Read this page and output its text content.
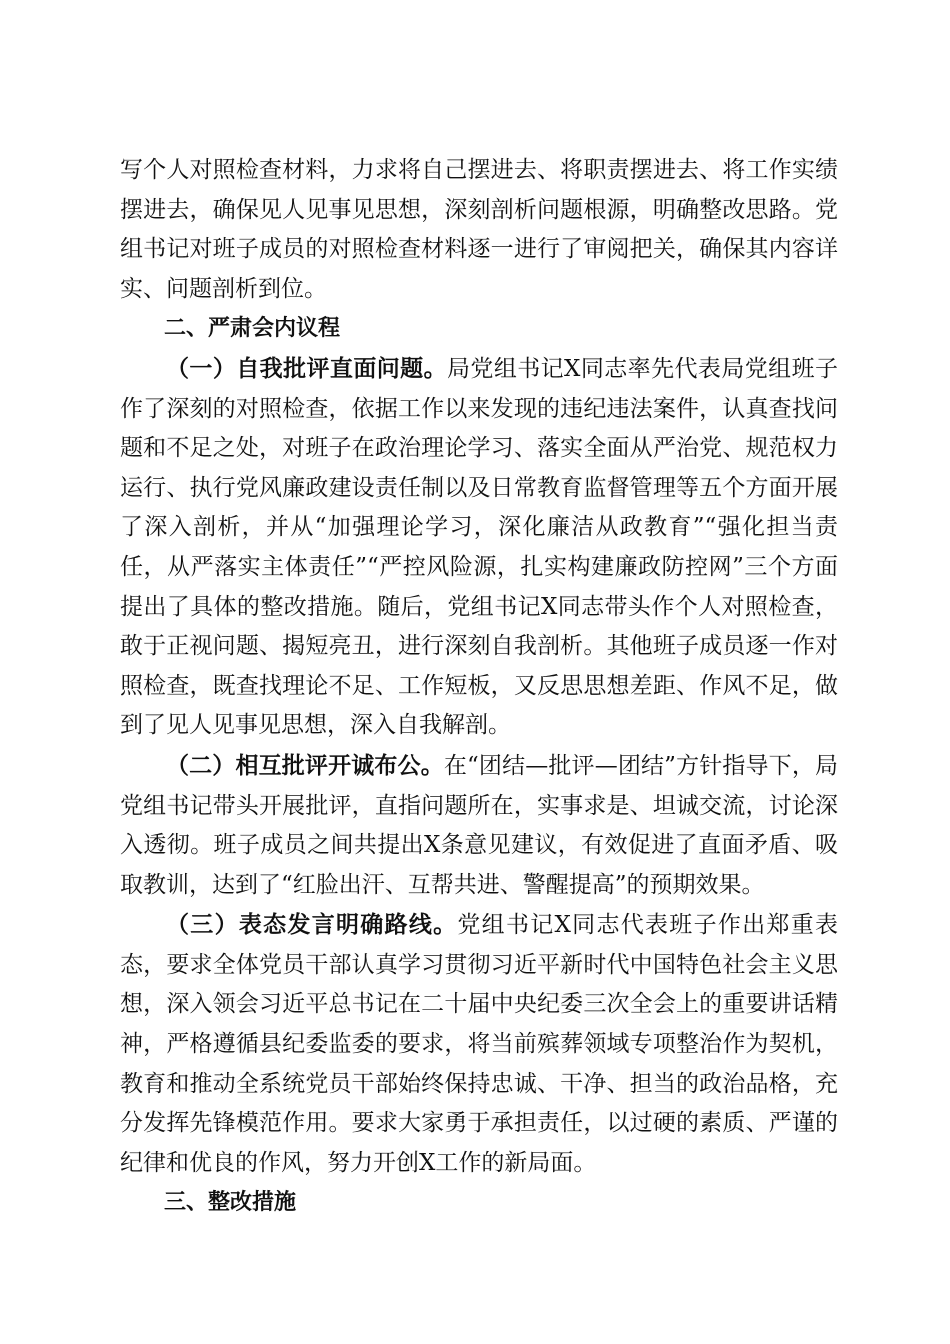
写个人对照检查材料，力求将自己摆进去、将职责摆进去、将工作实绩摆进去，确保见人见事见思想，深刻剖析问题根源，明确整改思路。党组书记对班子成员的对照检查材料逐一进行了审阅把关，确保其内容详实、问题剖析到位。

二、严肃会内议程

（一）自我批评直面问题。局党组书记X同志率先代表局党组班子作了深刻的对照检查，依据工作以来发现的违纪违法案件，认真查找问题和不足之处，对班子在政治理论学习、落实全面从严治党、规范权力运行、执行党风廉政建设责任制以及日常教育监督管理等五个方面开展了深入剖析，并从“加强理论学习，深化廉洁从政教育”“强化担当责任，从严落实主体责任”“严控风险源，扎实构建廉政防控网”三个方面提出了具体的整改措施。随后，党组书记X同志带头作个人对照检查，敢于正视问题、揭短亮丑，进行深刻自我剖析。其他班子成员逐一作对照检查，既查找理论不足、工作短板，又反思思想差距、作风不足，做到了见人见事见思想，深入自我解剖。

（二）相互批评开诚布公。在“团结—批评—团结”方针指导下，局党组书记带头开展批评，直指问题所在，实事求是、坦诚交流，讨论深入透彻。班子成员之间共提出X条意见建议，有效促进了直面矛盾、吸取教训，达到了“红脸出汗、互帮共进、警醒提高”的预期效果。

（三）表态发言明确路线。党组书记X同志代表班子作出郑重表态，要求全体党员干部认真学习贯彻习近平新时代中国特色社会主义思想，深入领会习近平总书记在二十届中央纪委三次全会上的重要讲话精神，严格遵循县纪委监委的要求，将当前殡葬领域专项整治作为契机，教育和推动全系统党员干部始终保持忠诚、干净、担当的政治品格，充分发挥先锋模范作用。要求大家勇于承担责任，以过硬的素质、严谨的纪律和优良的作风，努力开创X工作的新局面。

三、整改措施
